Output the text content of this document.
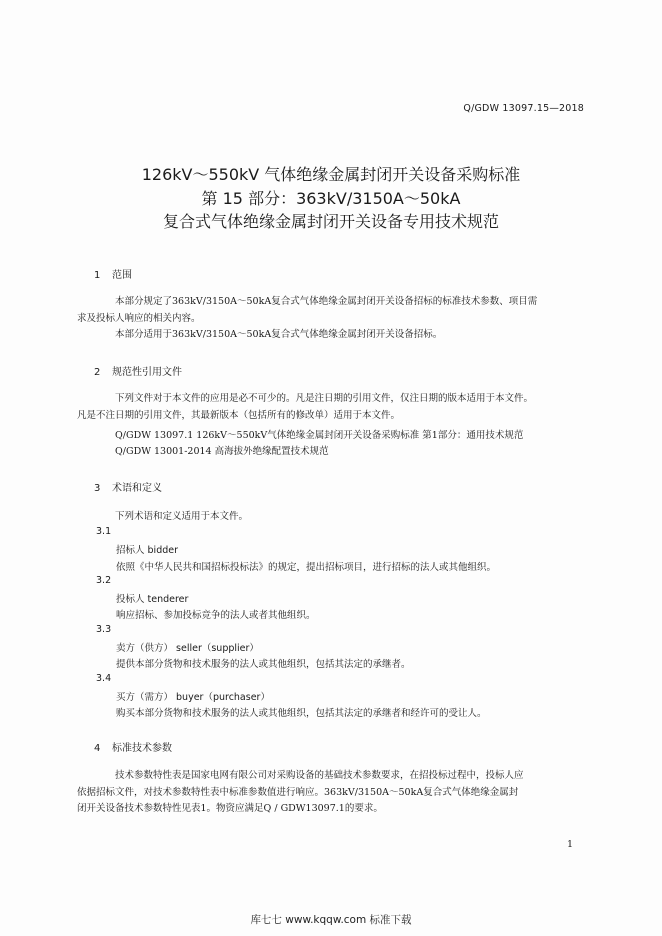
Q/GDW 13097.15—2018
126kV～550kV 气体绝缘金属封闭开关设备采购标准
第 15 部分：363kV/3150A～50kA
复合式气体绝缘金属封闭开关设备专用技术规范
1 范围
本部分规定了363kV/3150A～50kA复合式气体绝缘金属封闭开关设备招标的标准技术参数、项目需
求及投标人响应的相关内容。
本部分适用于363kV/3150A～50kA复合式气体绝缘金属封闭开关设备招标。
2 规范性引用文件
下列文件对于本文件的应用是必不可少的。凡是注日期的引用文件，仅注日期的版本适用于本文件。
凡是不注日期的引用文件，其最新版本（包括所有的修改单）适用于本文件。
Q/GDW 13097.1 126kV～550kV气体绝缘金属封闭开关设备采购标准 第1部分：通用技术规范
Q/GDW 13001-2014 高海拔外绝缘配置技术规范
3 术语和定义
下列术语和定义适用于本文件。
3.1
招标人 bidder
依照《中华人民共和国招标投标法》的规定，提出招标项目，进行招标的法人或其他组织。
3.2
投标人 tenderer
响应招标、参加投标竞争的法人或者其他组织。
3.3
卖方（供方） seller（supplier）
提供本部分货物和技术服务的法人或其他组织，包括其法定的承继者。
3.4
买方（需方） buyer（purchaser）
购买本部分货物和技术服务的法人或其他组织，包括其法定的承继者和经许可的受让人。
4 标准技术参数
技术参数特性表是国家电网有限公司对采购设备的基础技术参数要求，在招投标过程中，投标人应
依据招标文件，对技术参数特性表中标准参数值进行响应。363kV/3150A～50kA复合式气体绝缘金属封
闭开关设备技术参数特性见表1。物资应满足Q / GDW13097.1的要求。
1
库七七 www.kqqw.com 标准下载
